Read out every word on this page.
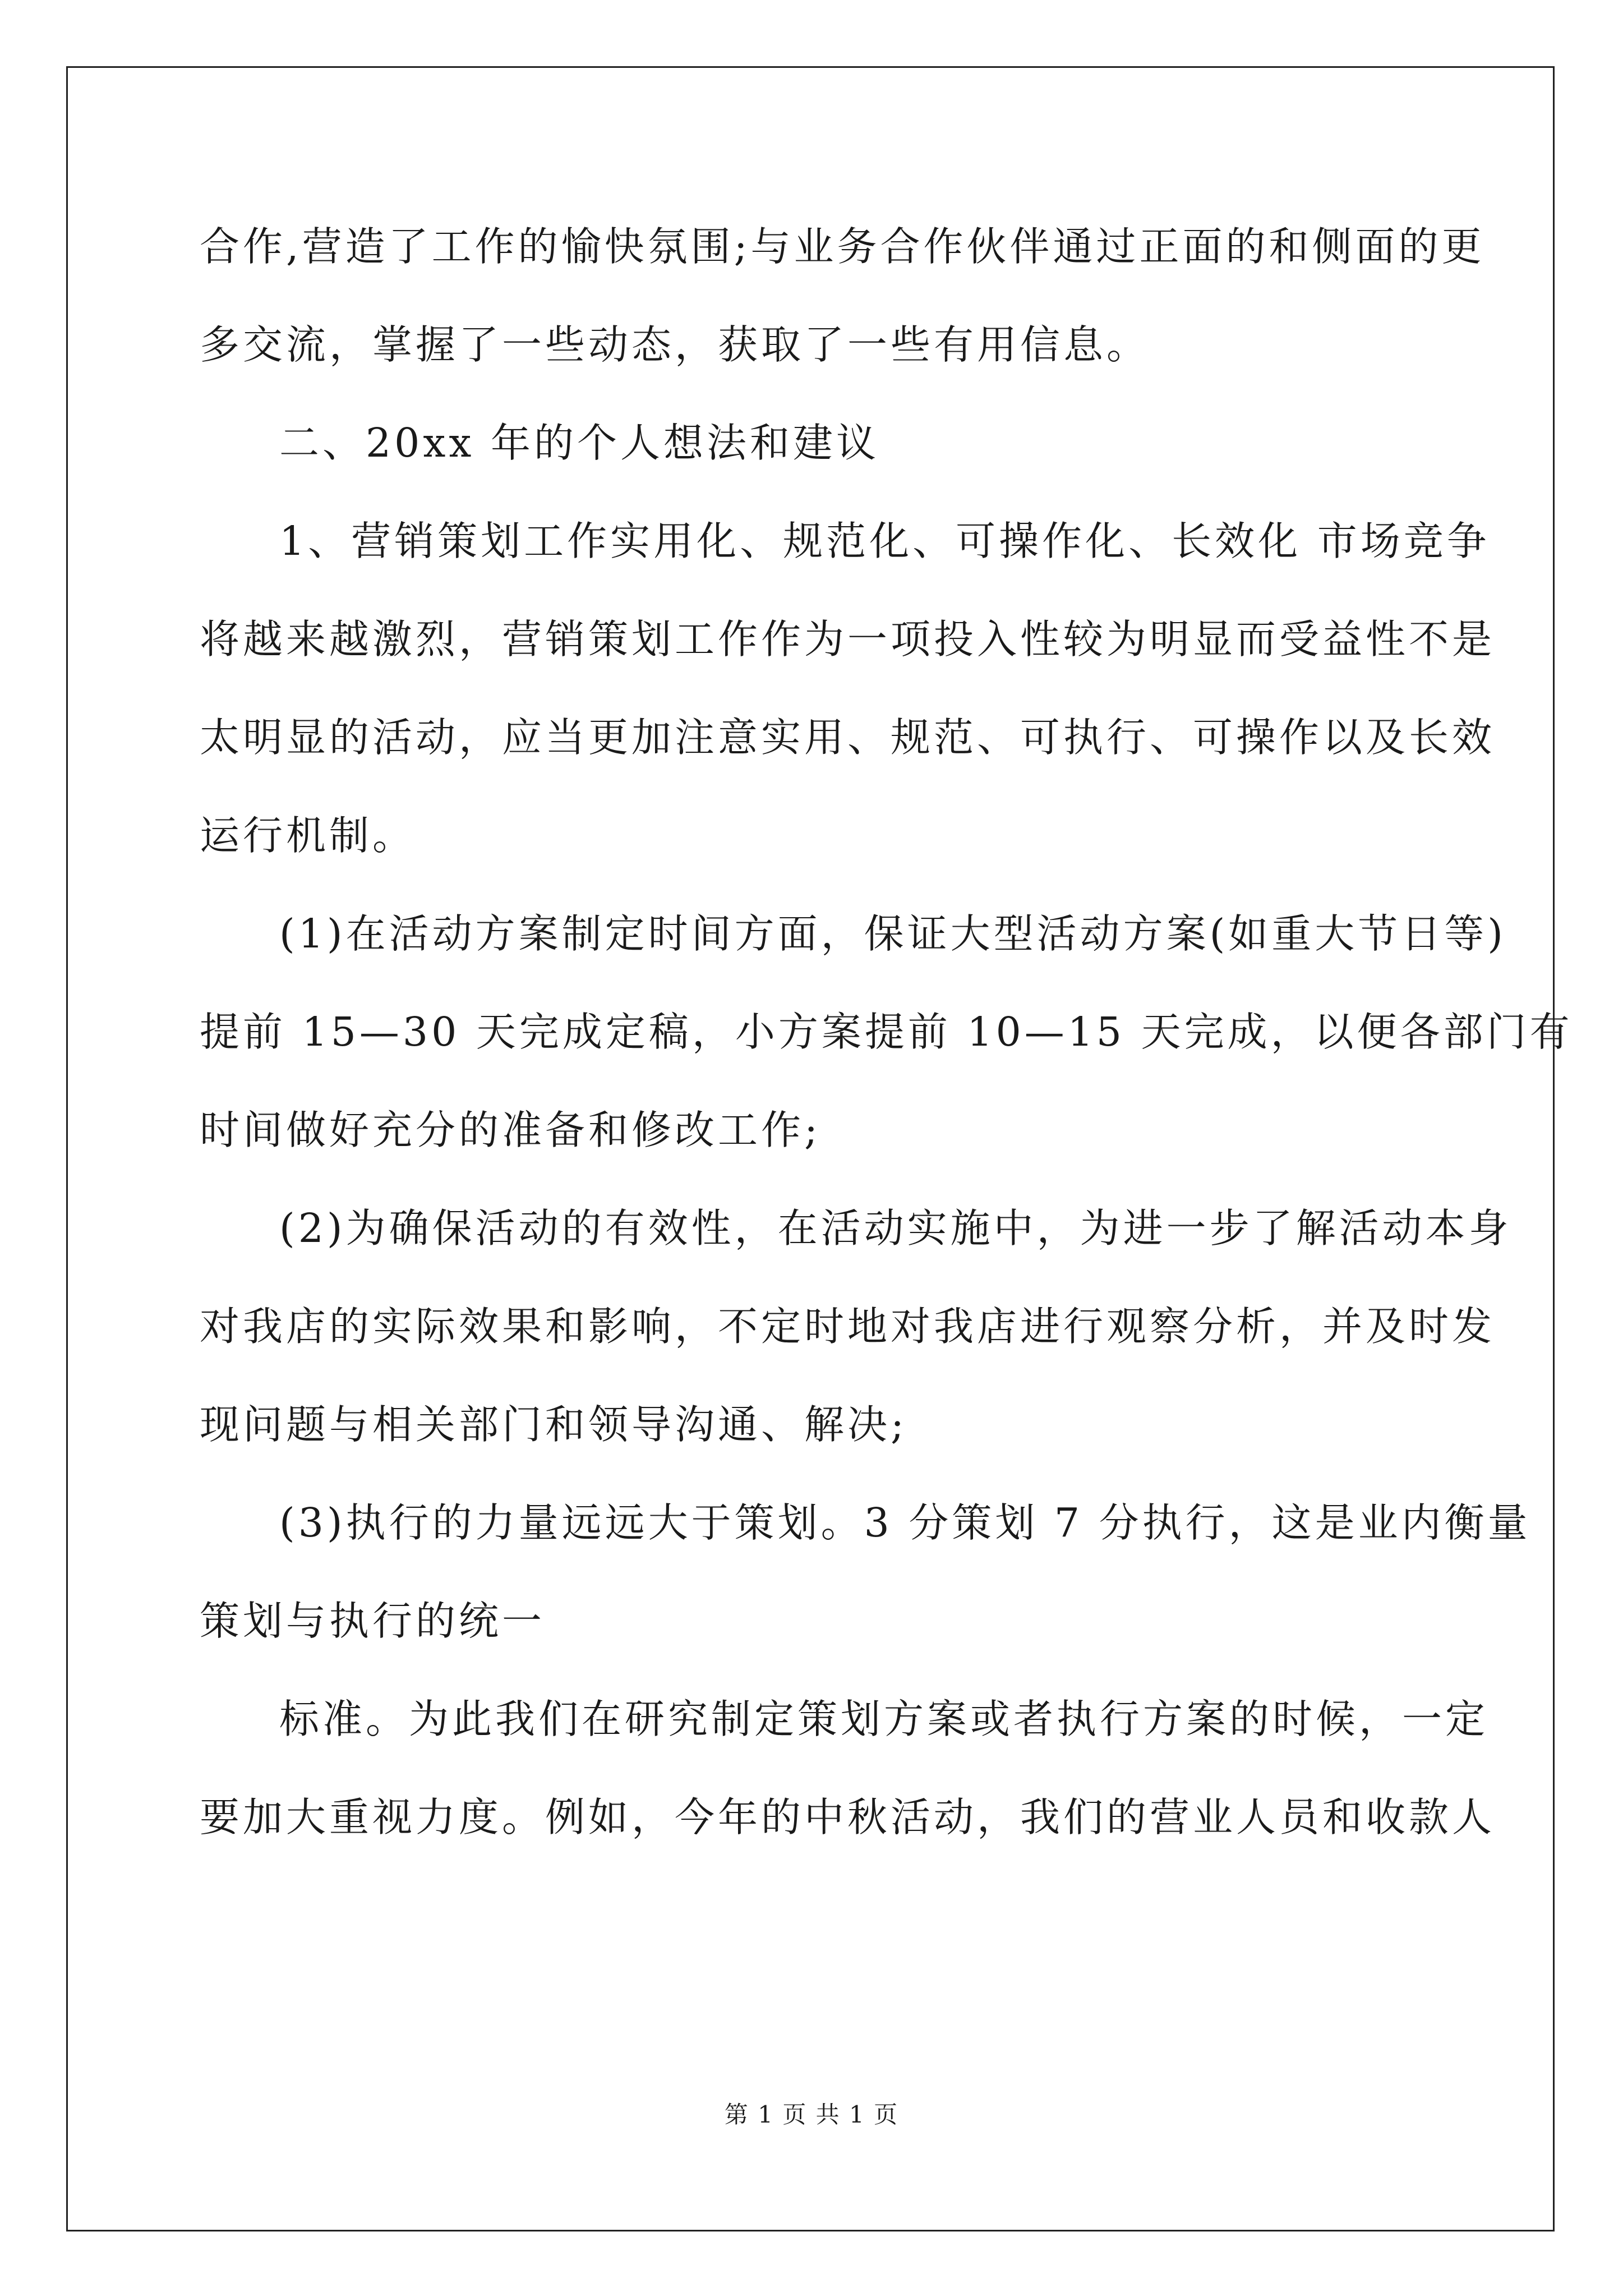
合作,营造了工作的愉快氛围;与业务合作伙伴通过正面的和侧面的更
多交流，掌握了一些动态，获取了一些有用信息。
二、20xx 年的个人想法和建议
1、营销策划工作实用化、规范化、可操作化、长效化 市场竞争
将越来越激烈，营销策划工作作为一项投入性较为明显而受益性不是
太明显的活动，应当更加注意实用、规范、可执行、可操作以及长效
运行机制。
(1)在活动方案制定时间方面，保证大型活动方案(如重大节日等)
提前 15—30 天完成定稿，小方案提前 10—15 天完成，以便各部门有
时间做好充分的准备和修改工作;
(2)为确保活动的有效性，在活动实施中，为进一步了解活动本身
对我店的实际效果和影响，不定时地对我店进行观察分析，并及时发
现问题与相关部门和领导沟通、解决;
(3)执行的力量远远大于策划。3 分策划 7 分执行，这是业内衡量
策划与执行的统一
标准。为此我们在研究制定策划方案或者执行方案的时候，一定
要加大重视力度。例如，今年的中秋活动，我们的营业人员和收款人
第 1 页 共 1 页
